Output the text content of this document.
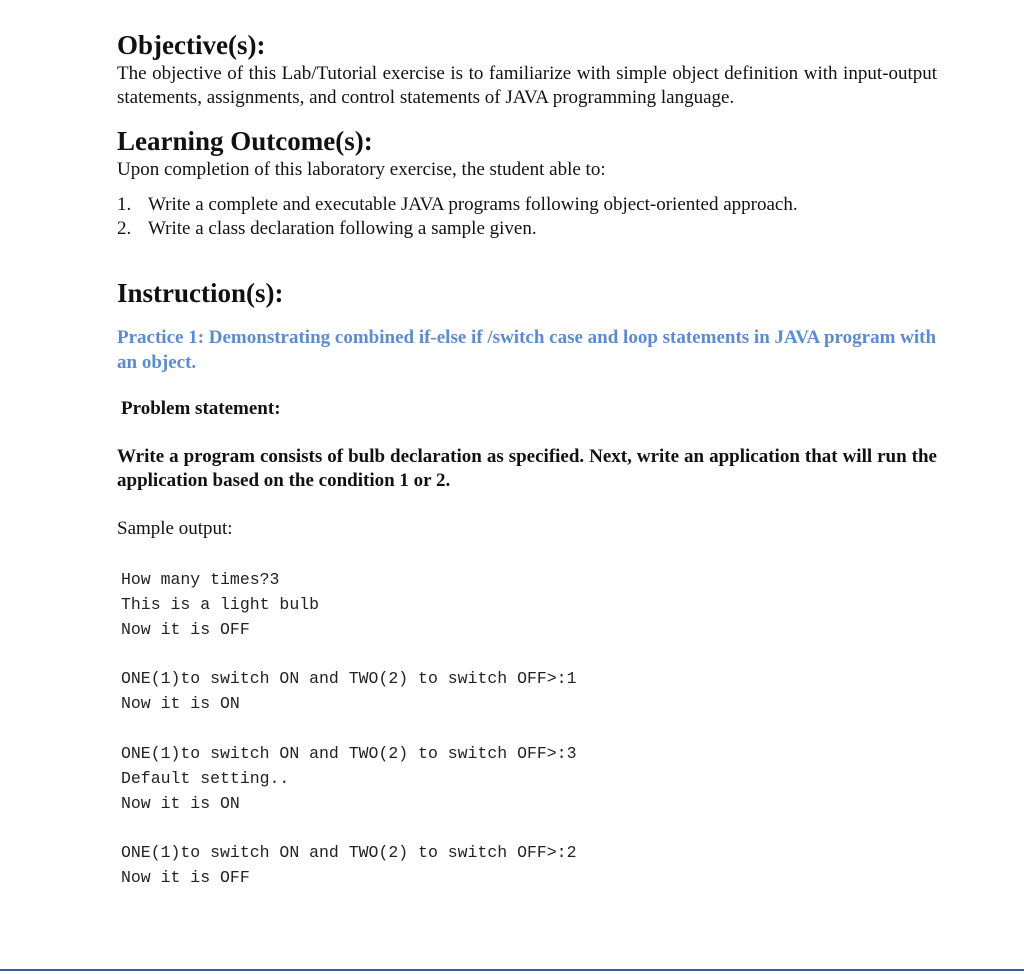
Objective(s):

The objective of this Lab/Tutorial exercise is to familiarize with simple object definition with input-output statements, assignments, and control statements of JAVA programming language.

Learning Outcome(s):

Upon completion of this laboratory exercise, the student able to:

1. Write a complete and executable JAVA programs following object-oriented approach.
2. Write a class declaration following a sample given.
Instruction(s):

Practice 1: Demonstrating combined if-else if /switch case and loop statements in JAVA program with an object.

Problem statement:

Write a program consists of bulb declaration as specified. Next, write an application that will run the application based on the condition 1 or 2.

Sample output:

How many times?3
This is a light bulb
Now it is OFF
ONE(1)to switch ON and TWO(2) to switch OFF>:1
Now it is ON
ONE(1)to switch ON and TWO(2) to switch OFF>:3
Default setting..
Now it is ON
ONE(1)to switch ON and TWO(2) to switch OFF>:2
Now it is OFF
